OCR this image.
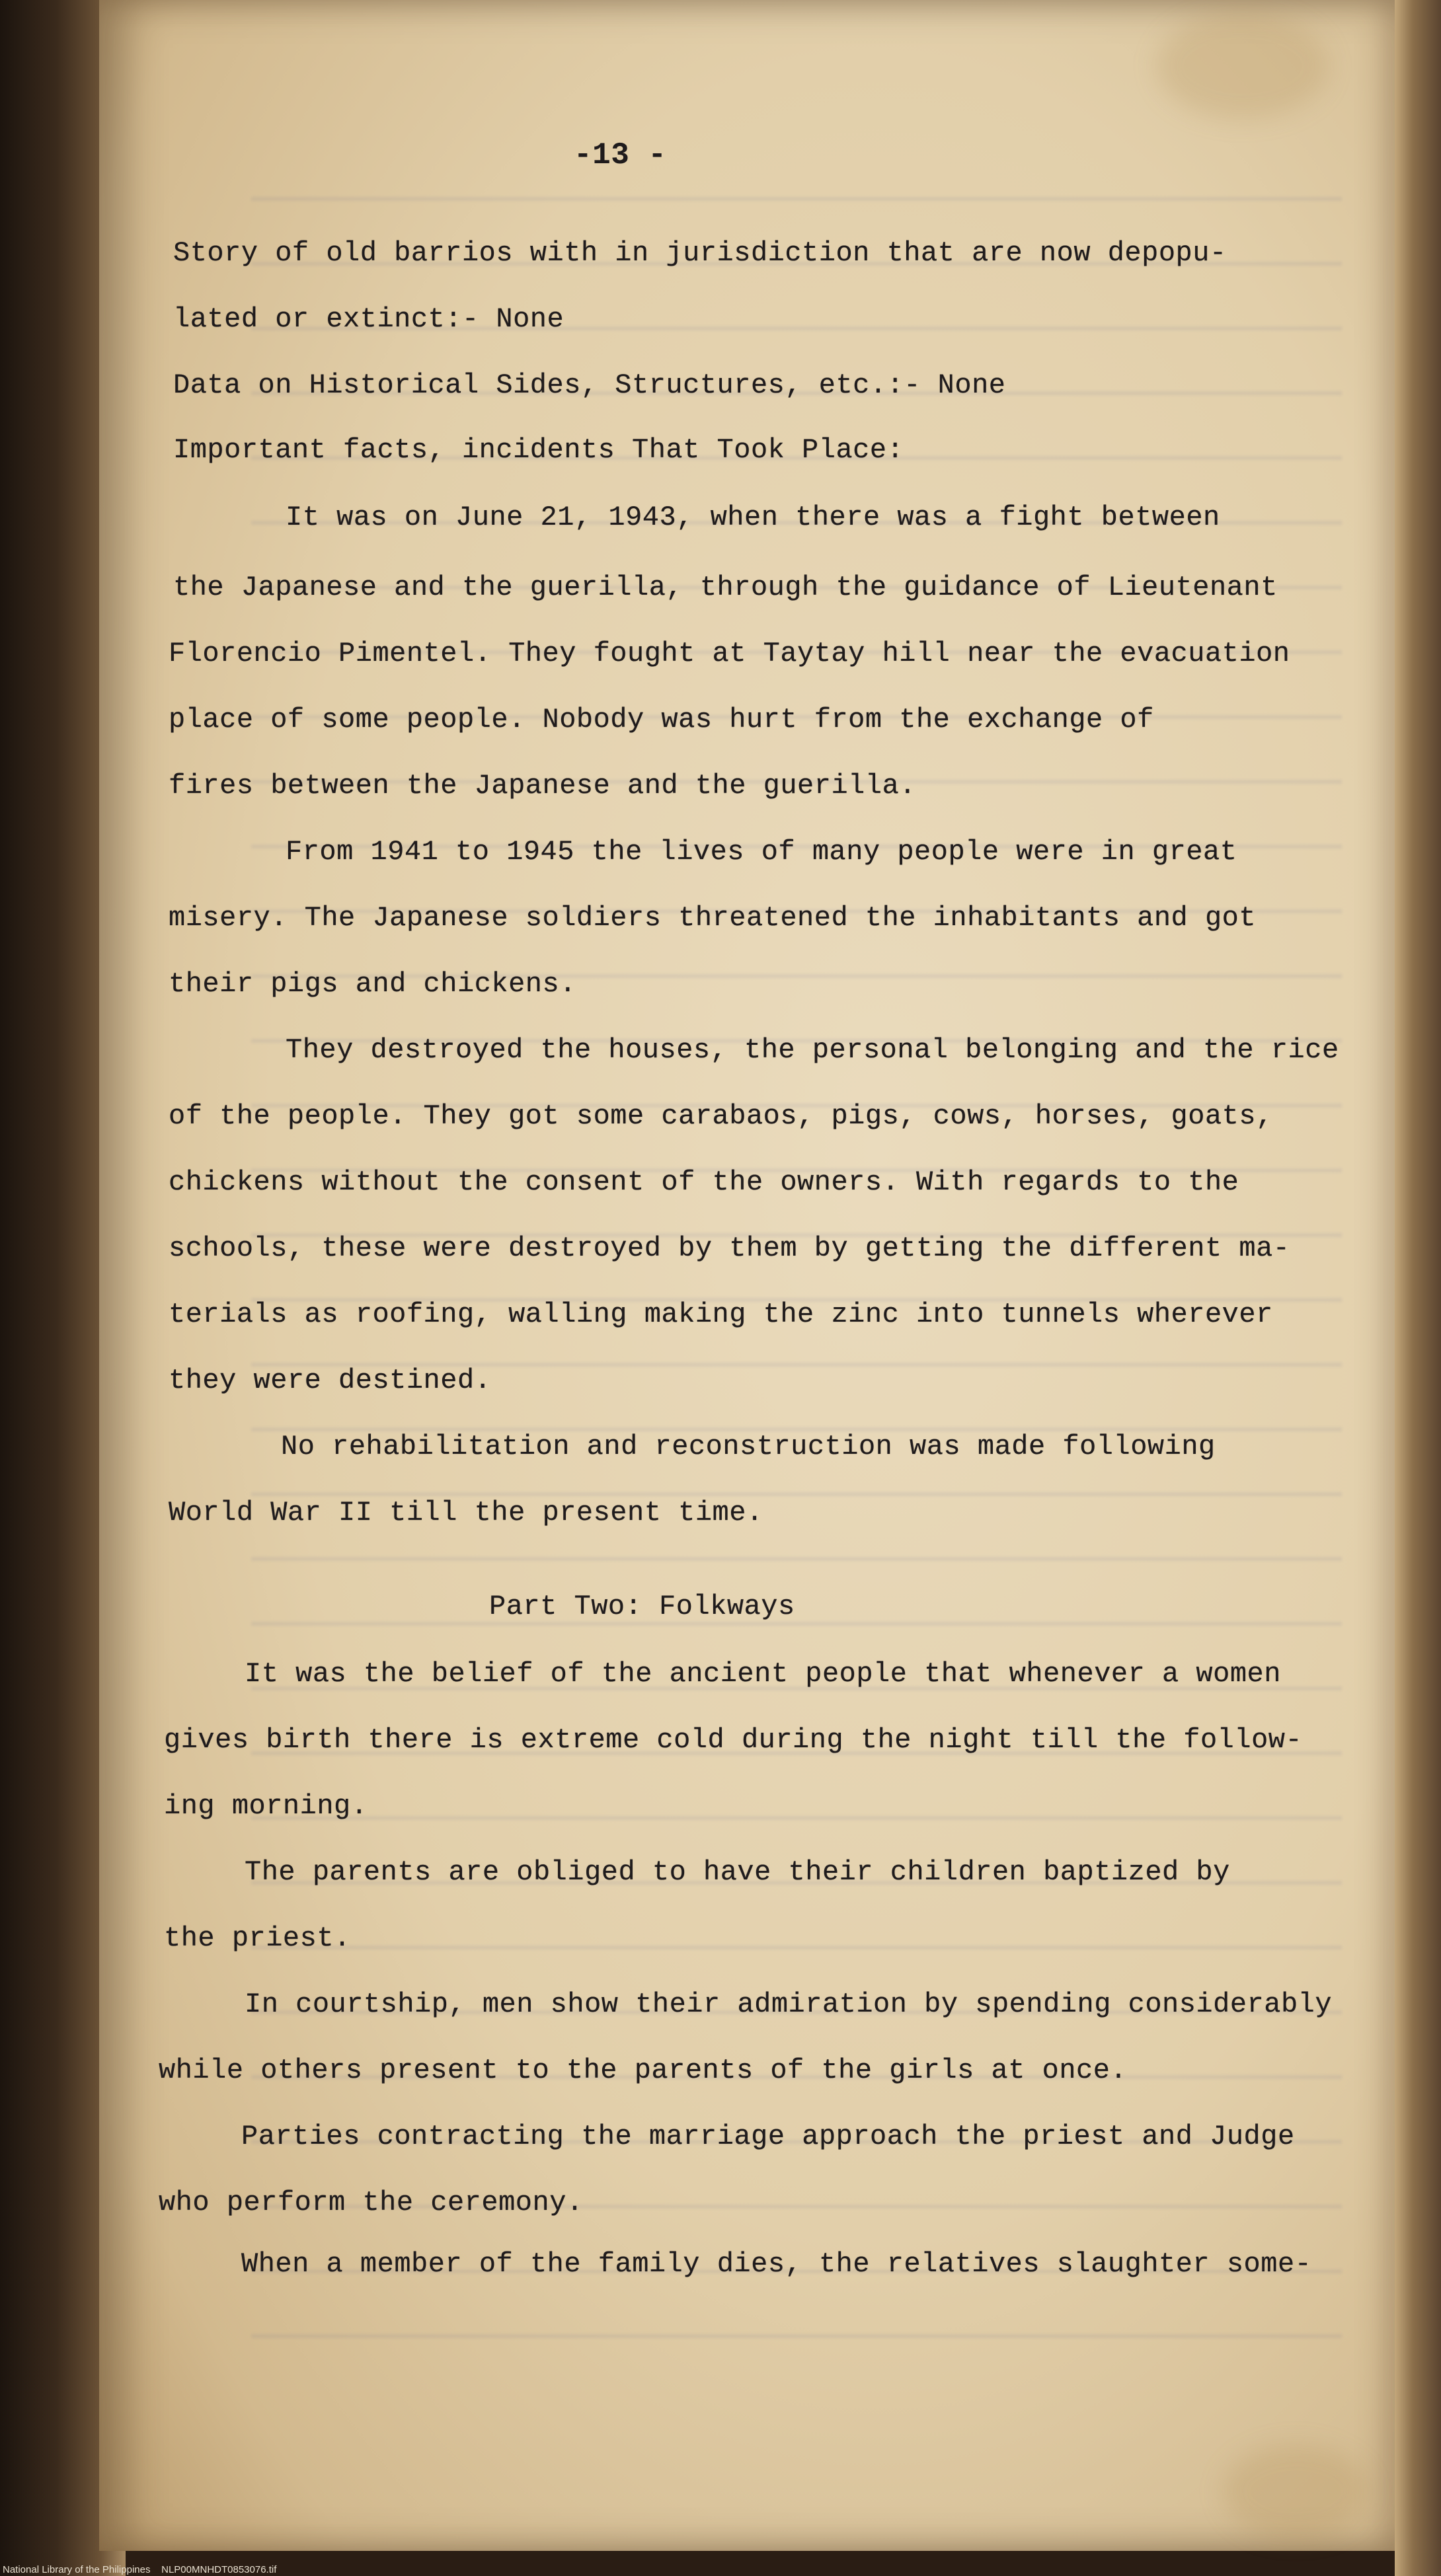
-13 -
Story of old barrios with in jurisdiction that are now depopu-
lated or extinct:- None
Data on Historical Sides, Structures, etc.:- None
Important facts, incidents That Took Place:
It was on June 21, 1943, when there was a fight between
the Japanese and the guerilla, through the guidance of Lieutenant
Florencio Pimentel. They fought at Taytay hill near the evacuation
place of some people. Nobody was hurt from the exchange of
fires between the Japanese and the guerilla.
From 1941 to 1945 the lives of many people were in great
misery. The Japanese soldiers threatened the inhabitants and got
their pigs and chickens.
They destroyed the houses, the personal belonging and the rice
of the people. They got some carabaos, pigs, cows, horses, goats,
chickens without the consent of the owners. With regards to the
schools, these were destroyed by them by getting the different ma-
terials as roofing, walling making the zinc into tunnels wherever
they were destined.
No rehabilitation and reconstruction was made following
World War II till the present time.
Part Two: Folkways
It was the belief of the ancient people that whenever a women
gives birth there is extreme cold during the night till the follow-
ing morning.
The parents are obliged to have their children baptized by
the priest.
In courtship, men show their admiration by spending considerably
while others present to the parents of the girls at once.
Parties contracting the marriage approach the priest and Judge
who perform the ceremony.
When a member of the family dies, the relatives slaughter some-
National Library of the Philippines    NLP00MNHDT0853076.tif
